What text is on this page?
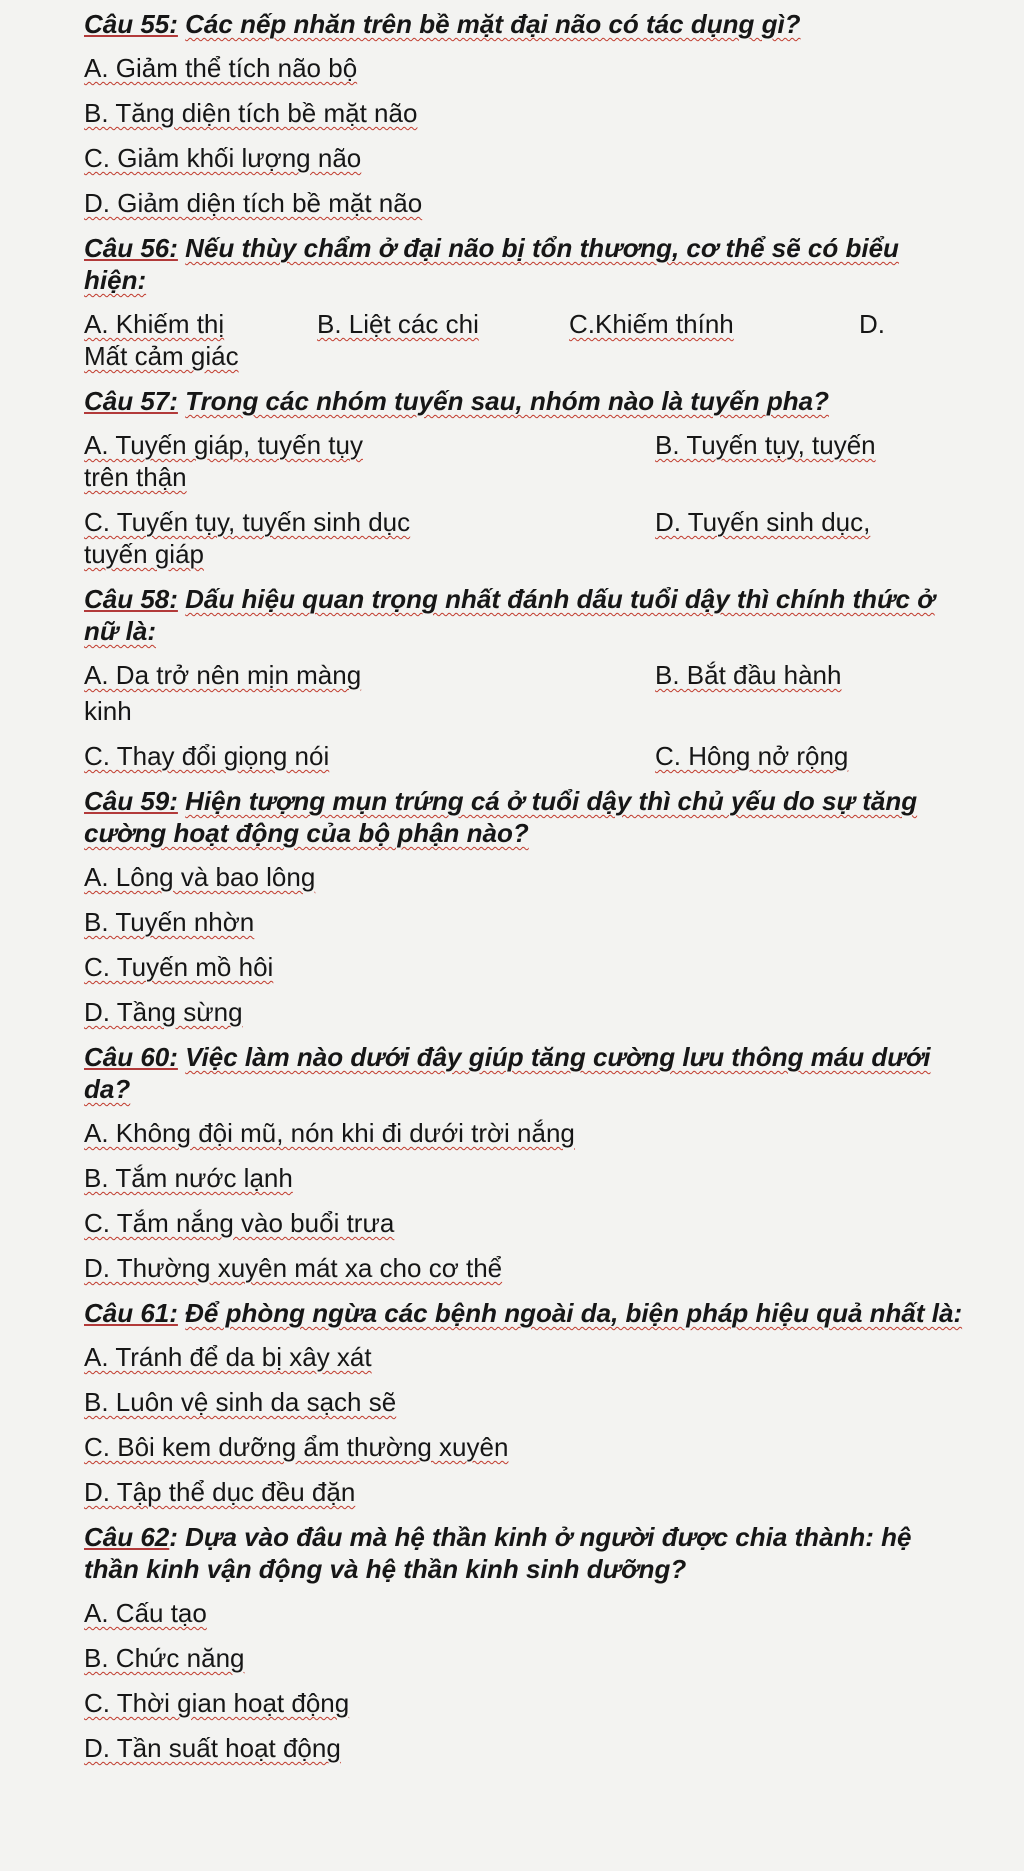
Câu 55: Các nếp nhăn trên bề mặt đại não có tác dụng gì?
A. Giảm thể tích não bộ
B. Tăng diện tích bề mặt não
C. Giảm khối lượng não
D. Giảm diện tích bề mặt não
Câu 56: Nếu thùy chẩm ở đại não bị tổn thương, cơ thể sẽ có biểu hiện:
A. Khiếm thị	B. Liệt các chi	C.Khiếm thính	D.
Mất cảm giác
Câu 57: Trong các nhóm tuyến sau, nhóm nào là tuyến pha?
A. Tuyến giáp, tuyến tụy	B. Tuyến tụy, tuyến
trên thận
C. Tuyến tụy, tuyến sinh dục	D. Tuyến sinh dục,
tuyến giáp
Câu 58: Dấu hiệu quan trọng nhất đánh dấu tuổi dậy thì chính thức ở nữ là:
A. Da trở nên mịn màng	B. Bắt đầu hành
kinh
C. Thay đổi giọng nói	C. Hông nở rộng
Câu 59: Hiện tượng mụn trứng cá ở tuổi dậy thì chủ yếu do sự tăng cường hoạt động của bộ phận nào?
A. Lông và bao lông
B. Tuyến nhờn
C. Tuyến mồ hôi
D. Tầng sừng
Câu 60: Việc làm nào dưới đây giúp tăng cường lưu thông máu dưới da?
A. Không đội mũ, nón khi đi dưới trời nắng
B. Tắm nước lạnh
C. Tắm nắng vào buổi trưa
D. Thường xuyên mát xa cho cơ thể
Câu 61: Để phòng ngừa các bệnh ngoài da, biện pháp hiệu quả nhất là:
A. Tránh để da bị xây xát
B. Luôn vệ sinh da sạch sẽ
C. Bôi kem dưỡng ẩm thường xuyên
D. Tập thể dục đều đặn
Câu 62: Dựa vào đâu mà hệ thần kinh ở người được chia thành: hệ thần kinh vận động và hệ thần kinh sinh dưỡng?
A. Cấu tạo
B. Chức năng
C. Thời gian hoạt động
D. Tần suất hoạt động
